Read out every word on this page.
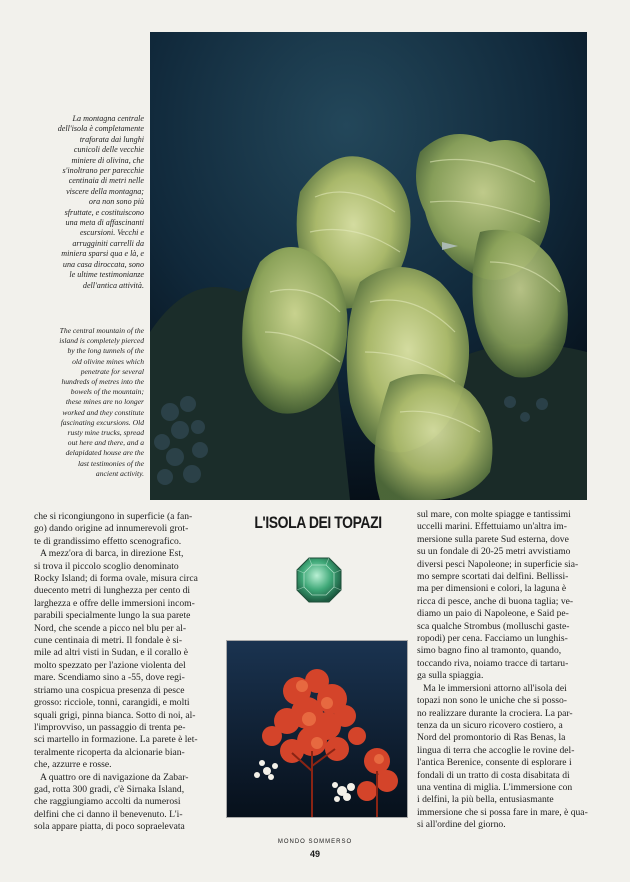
La montagna centrale
dell'isola è completamente
traforata dai lunghi
cunicoli delle vecchie
miniere di olivina, che
s'inoltrano per parecchie
centinaia di metri nelle
viscere della montagna;
ora non sono più
sfruttate, e costituiscono
una meta di affascinanti
escursioni. Vecchi e
arrugginiti carrelli da
miniera sparsi qua e là, e
una casa diroccata, sono
le ultime testimonianze
dell'antica attività.
The central mountain of the
island is completely pierced
by the long tunnels of the
old olivine mines which
penetrate for several
hundreds of metres into the
bowels of the mountain;
these mines are no longer
worked and they constitute
fascinating excursions. Old
rusty mine trucks, spread
out here and there, and a
delapidated house are the
last testimonies of the
ancient activity.

che si ricongiungono in superficie (a fan-
go) dando origine ad innumerevoli grot-
te di grandissimo effetto scenografico.

A mezz'ora di barca, in direzione Est,
si trova il piccolo scoglio denominato
Rocky Island; di forma ovale, misura circa
duecento metri di lunghezza per cento di
larghezza e offre delle immersioni incom-
parabili specialmente lungo la sua parete
Nord, che scende a picco nel blu per al-
cune centinaia di metri. Il fondale è si-
mile ad altri visti in Sudan, e il corallo è
molto spezzato per l'azione violenta del
mare. Scendiamo sino a -55, dove regi-
striamo una cospicua presenza di pesce
grosso: ricciole, tonni, carangidi, e molti
squali grigi, pinna bianca. Sotto di noi, al-
l'improvviso, un passaggio di trenta pe-
sci martello in formazione. La parete è let-
teralmente ricoperta da alcionarie bian-
che, azzurre e rosse.

A quattro ore di navigazione da Zabar-
gad, rotta 300 gradi, c'è Sirnaka Island,
che raggiungiamo accolti da numerosi
delfini che ci danno il benevenuto. L'i-
sola appare piatta, di poco sopraelevata

L'ISOLA DEI TOPAZI	sul mare, con molte spiagge e tantissimi
uccelli marini. Effettuiamo un'altra im-
mersione sulla parete Sud esterna, dove
su un fondale di 20-25 metri avvistiamo
diversi pesci Napoleone; in superficie sia-
mo sempre scortati dai delfini. Bellissi-
ma per dimensioni e colori, la laguna è
ricca di pesce, anche di buona taglia; ve-
diamo un paio di Napoleone, e Said pe-
sca qualche Strombus (molluschi gaste-
ropodi) per cena. Facciamo un lunghis-
simo bagno fino al tramonto, quando,
toccando riva, noiamo tracce di tartaru-
ga sulla spiaggia.

Ma le immersioni attorno all'isola dei
topazi non sono le uniche che si posso-
no realizzare durante la crociera. La par-
tenza da un sicuro ricovero costiero, a
Nord del promontorio di Ras Benas, la
lingua di terra che accoglie le rovine del-
l'antica Berenice, consente di esplorare i
fondali di un tratto di costa disabitata di
una ventina di miglia. L'immersione con
i delfini, la più bella, entusiasmante
immersione che si possa fare in mare, è qua-
si all'ordine del giorno.

MONDO SOMMERSO
49
